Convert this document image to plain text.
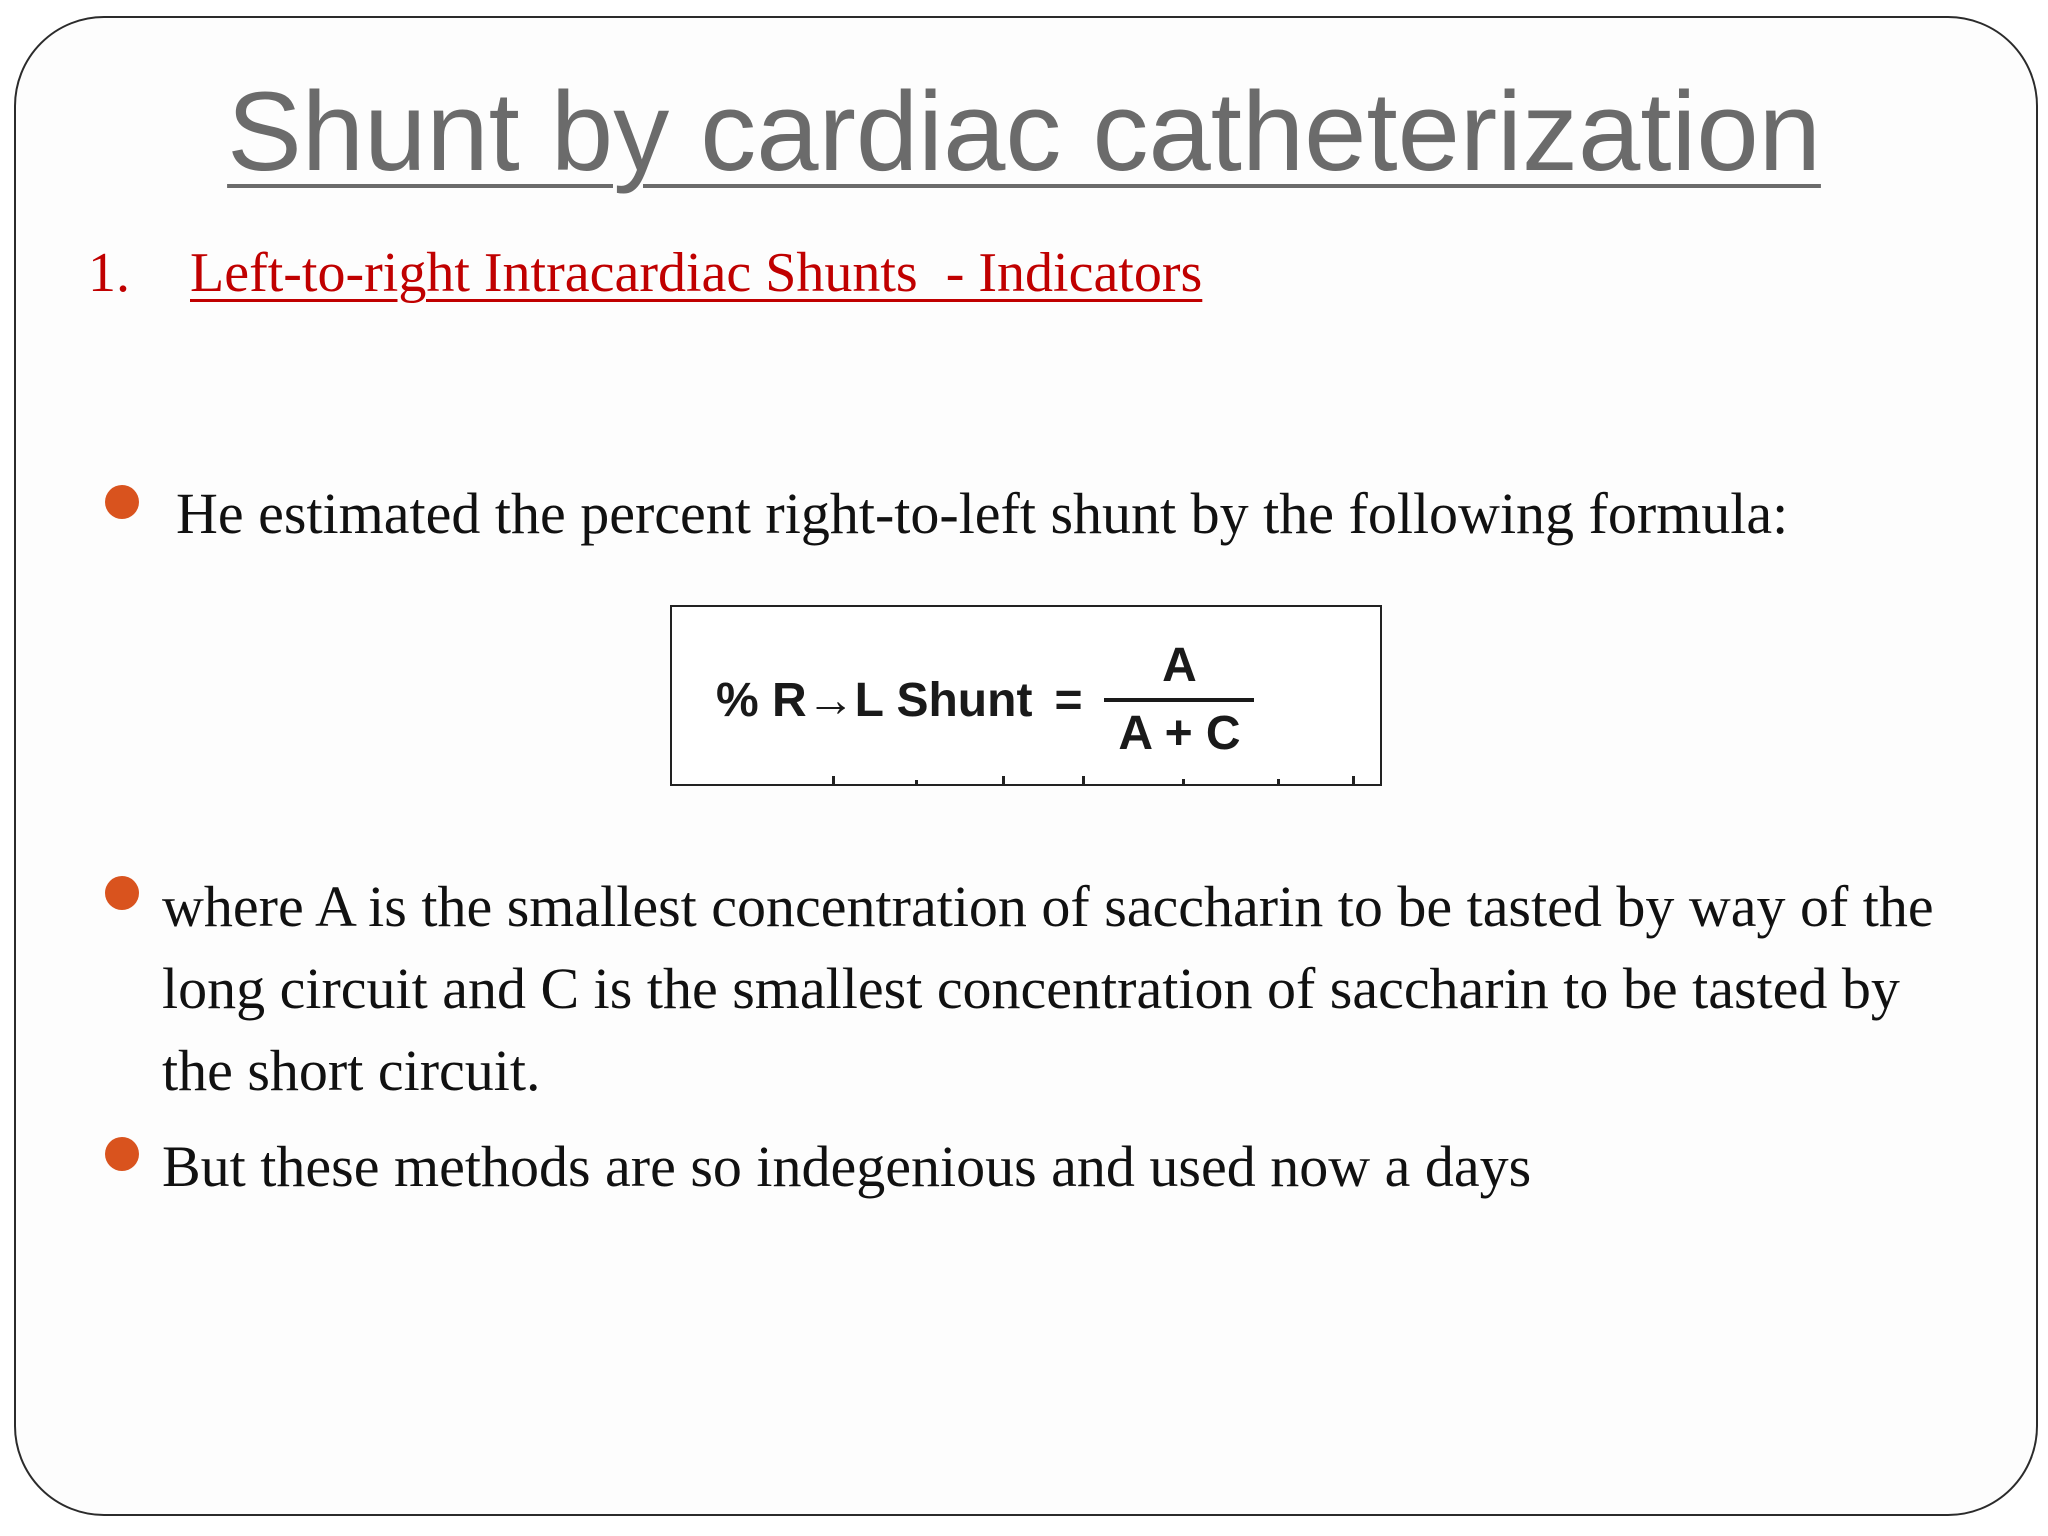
Shunt by cardiac catheterization
1. Left-to-right Intracardiac Shunts  - Indicators
He estimated the percent right-to-left shunt by the following formula:
% R→L Shunt = $\frac{A}{A + C}$
where A is the smallest concentration of saccharin to be tasted by way of the long circuit and C is the smallest concentration of saccharin to be tasted by the short circuit.
But these methods are so indegenious and used now a days
